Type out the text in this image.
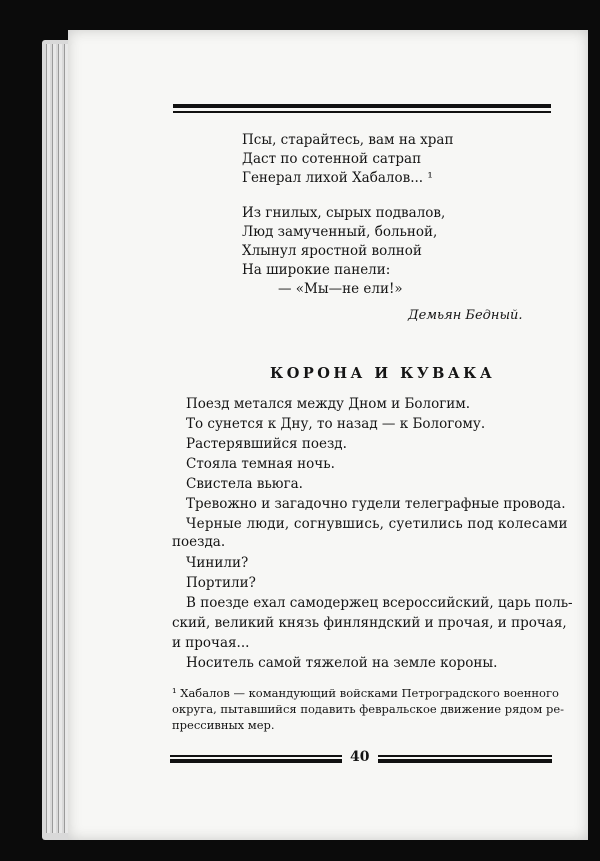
Псы, старайтесь, вам на храп
Даст по сотенной сатрап
Генерал лихой Хабалов... ¹
Из гнилых, сырых подвалов,
Люд замученный, больной,
Хлынул яростной волной
На широкие панели:
— «Мы—не ели!»
Демьян Бедный.
КОРОНА И КУВАКА
Поезд метался между Дном и Бологим.
То сунется к Дну, то назад — к Бологому.
Растерявшийся поезд.
Стояла темная ночь.
Свистела вьюга.
Тревожно и загадочно гудели телеграфные провода.
Черные люди, согнувшись, суетились под колесами
поезда.
Чинили?
Портили?
В поезде ехал самодержец всероссийский, царь поль-
ский, великий князь финляндский и прочая, и прочая,
и прочая...
Носитель самой тяжелой на земле короны.
¹ Хабалов — командующий войсками Петроградского военного
округа, пытавшийся подавить февральское движение рядом ре-
прессивных мер.
40
